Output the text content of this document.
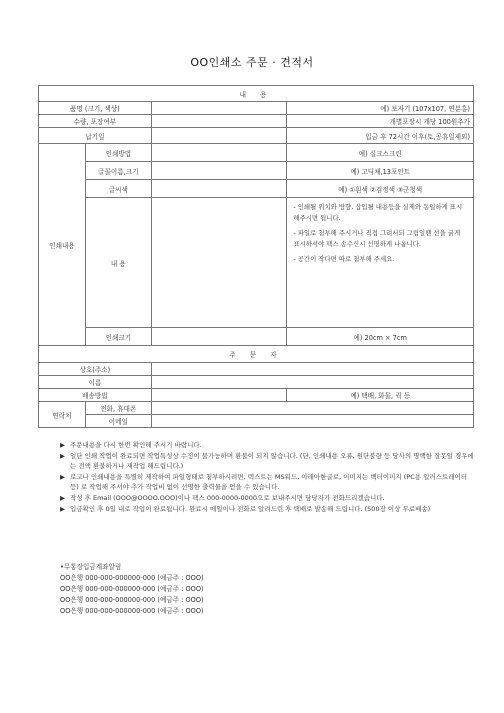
OO인쇄소 주문 · 견적서
내 용			
품명 (크기, 색상)			예) 보자기 (107x107, 연분홍)
수량, 포장여부			개별포장시 개당 100원추가
납기일			입금 후 72시간 이후(토,공휴일제외)
인쇄내용	인쇄방법		예) 실크스크린
	글꼴이름,크기		예) 고딕체,13포인트
	글씨색		예) ①흰색 ②검정색 ③군청색
	내 용		- 인쇄될 위치와 방향, 삽입될 내용등을 실제와 동일하게 표시해주시면 됩니다.

- 파일로 첨부해 주시거나 직접 그려서되 그림일땐 선을 굵게 표시하셔야 팩스 송수신시 선명하게 나옵니다.

- 공간이 작다면 따로 첨부해 주세요.

	인쇄크기		예) 20cm × 7cm
주 문 자			
상호(주소)			
이름			
배송방법			예) 택배, 화물, 퀵 등
연락처	전화, 휴대폰		
	이메일		
▶ 주문내용을 다시 한번 확인해 주시기 바랍니다.
▶ 일단 인쇄 작업이 완료되면 작업특성상 수정이 불가능하며 환불이 되지 않습니다. (단, 인쇄내용 오류, 원단불량 등 당사의 명백한 잘못일 경우에는 전액 환불하거나 재작업 해드립니다.)
▶ 로고나 인쇄내용을 특별히 제작하여 파일형태로 첨부하시려면, 텍스트는 MS워드, 아래아한글로, 이미지는 벡터이미지 (PC용 일러스트레이터 등) 로 작업해 주셔야 추가 작업비 없이 선명한 출력물을 얻을 수 있습니다.
▶ 작성 후 Email (OOO@OOOO.OOO)이나 팩스 000-0000-0000으로 보내주시면 담당자가 전화드리겠습니다.
▶ 입금확인 후 0일 내로 작업이 완료됩니다. 완료시 메일이나 전화로 알려드린 후 택배로 발송해 드립니다. (500장 이상 무료배송)
•무통장입금계좌알림
OO은행 000-000-000000-000 (예금주 : OOO)
OO은행 000-000-000000-000 (예금주 : OOO)
OO은행 000-000-000000-000 (예금주 : OOO)
OO은행 000-000-000000-000 (예금주 : OOO)
